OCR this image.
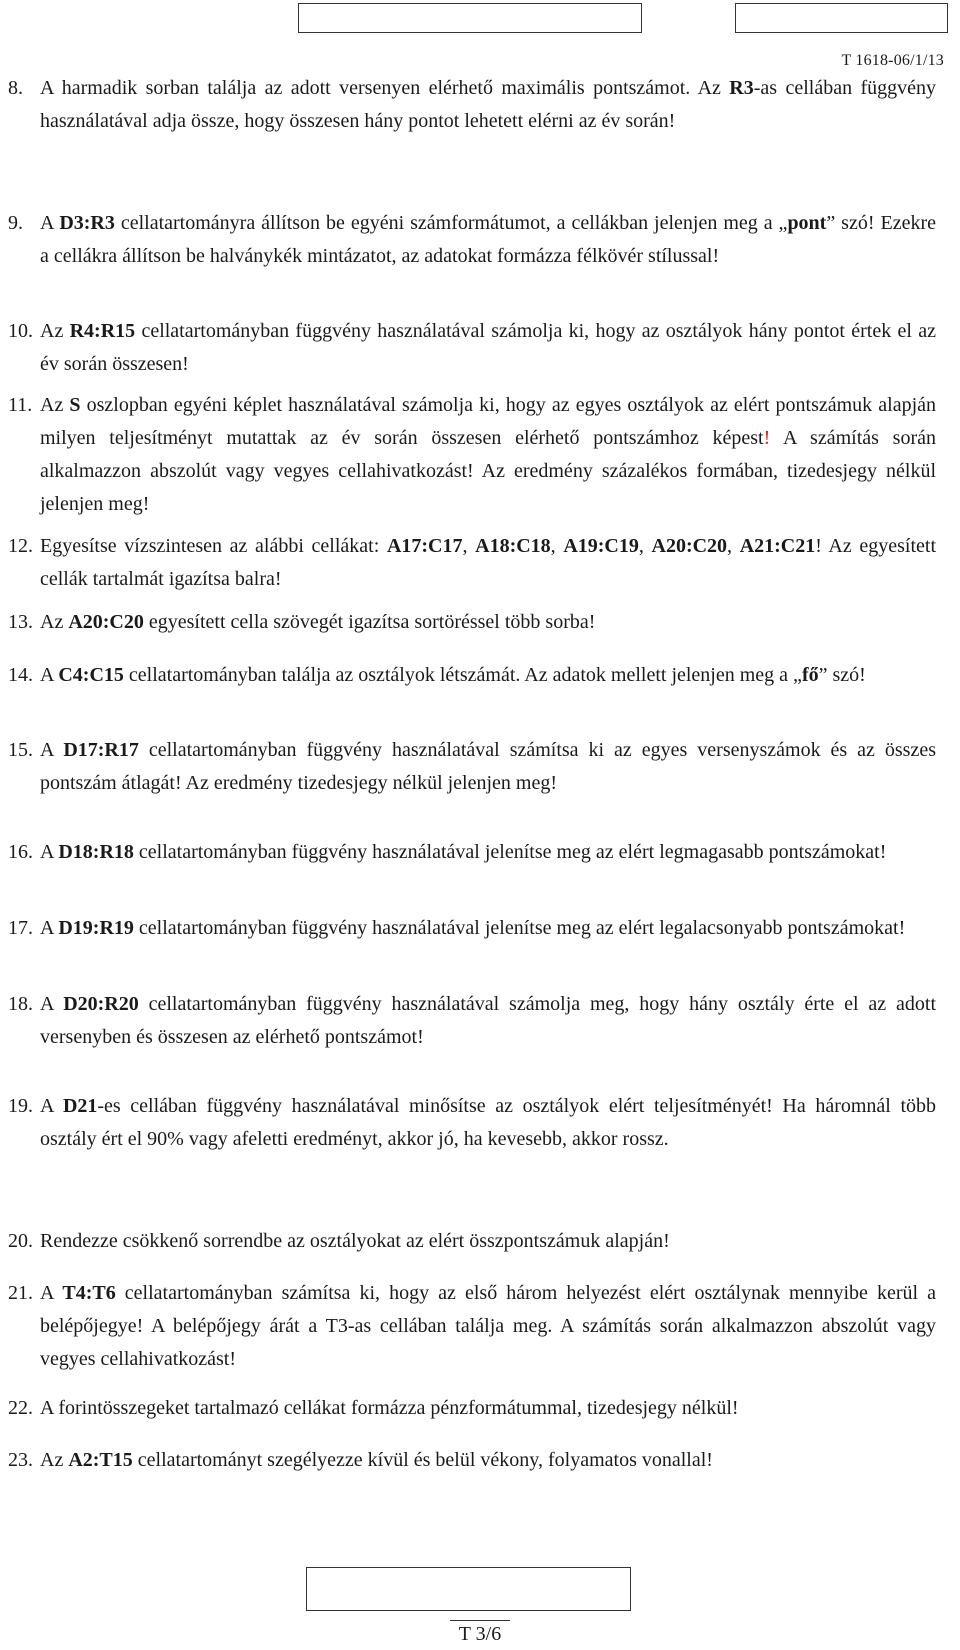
T 1618-06/1/13
8. A harmadik sorban találja az adott versenyen elérhető maximális pontszámot. Az R3-as cellában függvény használatával adja össze, hogy összesen hány pontot lehetett elérni az év során!
9. A D3:R3 cellatartományra állítson be egyéni számformátumot, a cellákban jelenjen meg a „pont” szó! Ezekre a cellákra állítson be halványkék mintázatot, az adatokat formázza félkövér stílussal!
10. Az R4:R15 cellatartományban függvény használatával számolja ki, hogy az osztályok hány pontot értek el az év során összesen!
11. Az S oszlopban egyéni képlet használatával számolja ki, hogy az egyes osztályok az elért pontszámuk alapján milyen teljesítményt mutattak az év során összesen elérhető pontszámhoz képest! A számítás során alkalmazzon abszolút vagy vegyes cellahivatkozást! Az eredmény százalékos formában, tizedesjegy nélkül jelenjen meg!
12. Egyesítse vízszintesen az alábbi cellákat: A17:C17, A18:C18, A19:C19, A20:C20, A21:C21! Az egyesített cellák tartalmát igazítsa balra!
13. Az A20:C20 egyesített cella szövegét igazítsa sortöréssel több sorba!
14. A C4:C15 cellatartományban találja az osztályok létszámát. Az adatok mellett jelenjen meg a „fő” szó!
15. A D17:R17 cellatartományban függvény használatával számítsa ki az egyes versenyszámok és az összes pontszám átlagát! Az eredmény tizedesjegy nélkül jelenjen meg!
16. A D18:R18 cellatartományban függvény használatával jelenítse meg az elért legmagasabb pontszámokat!
17. A D19:R19 cellatartományban függvény használatával jelenítse meg az elért legalacsonyabb pontszámokat!
18. A D20:R20 cellatartományban függvény használatával számolja meg, hogy hány osztály érte el az adott versenyben és összesen az elérhető pontszámot!
19. A D21-es cellában függvény használatával minősítse az osztályok elért teljesítményét! Ha háromnál több osztály ért el 90% vagy afeletti eredményt, akkor jó, ha kevesebb, akkor rossz.
20. Rendezze csökkenő sorrendbe az osztályokat az elért összpontszámuk alapján!
21. A T4:T6 cellatartományban számítsa ki, hogy az első három helyezést elért osztálynak mennyibe kerül a belépőjegye! A belépőjegy árát a T3-as cellában találja meg. A számítás során alkalmazzon abszolút vagy vegyes cellahivatkozást!
22. A forintösszegeket tartalmazó cellákat formázza pénzformátummal, tizedesjegy nélkül!
23. Az A2:T15 cellatartományt szegélyezze kívül és belül vékony, folyamatos vonallal!
T 3/6
